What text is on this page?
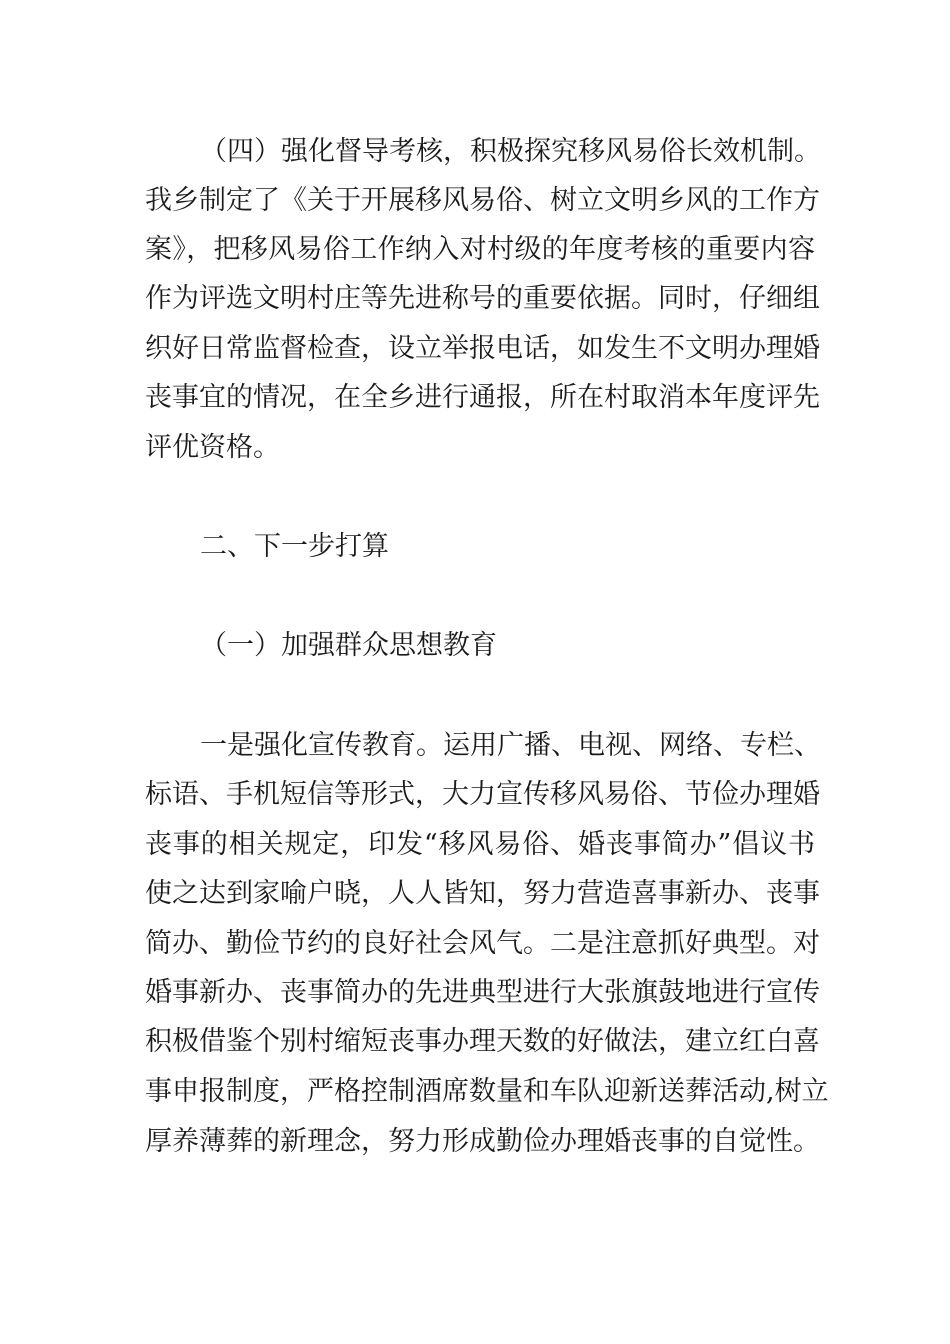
（四）强化督导考核，积极探究移风易俗长效机制。
我乡制定了《关于开展移风易俗、树立文明乡风的工作方
案》，把移风易俗工作纳入对村级的年度考核的重要内容
作为评选文明村庄等先进称号的重要依据。同时，仔细组
织好日常监督检查，设立举报电话，如发生不文明办理婚
丧事宜的情况，在全乡进行通报，所在村取消本年度评先
评优资格。
二、下一步打算
（一）加强群众思想教育
一是强化宣传教育。运用广播、电视、网络、专栏、
标语、手机短信等形式，大力宣传移风易俗、节俭办理婚
丧事的相关规定，印发“移风易俗、婚丧事简办”倡议书
使之达到家喻户晓，人人皆知，努力营造喜事新办、丧事
简办、勤俭节约的良好社会风气。二是注意抓好典型。对
婚事新办、丧事简办的先进典型进行大张旗鼓地进行宣传
积极借鉴个别村缩短丧事办理天数的好做法，建立红白喜
事申报制度，严格控制酒席数量和车队迎新送葬活动,树立
厚养薄葬的新理念，努力形成勤俭办理婚丧事的自觉性。
